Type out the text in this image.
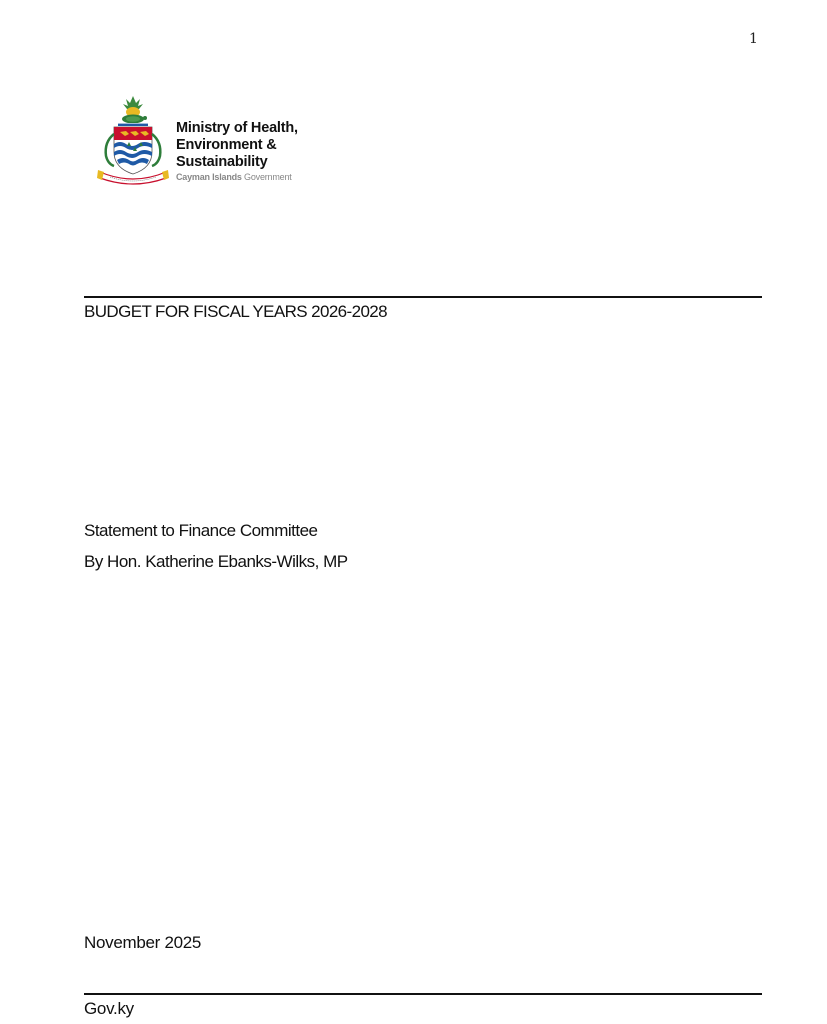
1
Ministry of Health,
Environment &
Sustainability
Cayman Islands Government
BUDGET FOR FISCAL YEARS 2026-2028
Statement to Finance Committee
By Hon. Katherine Ebanks-Wilks, MP
November 2025
Gov.ky
